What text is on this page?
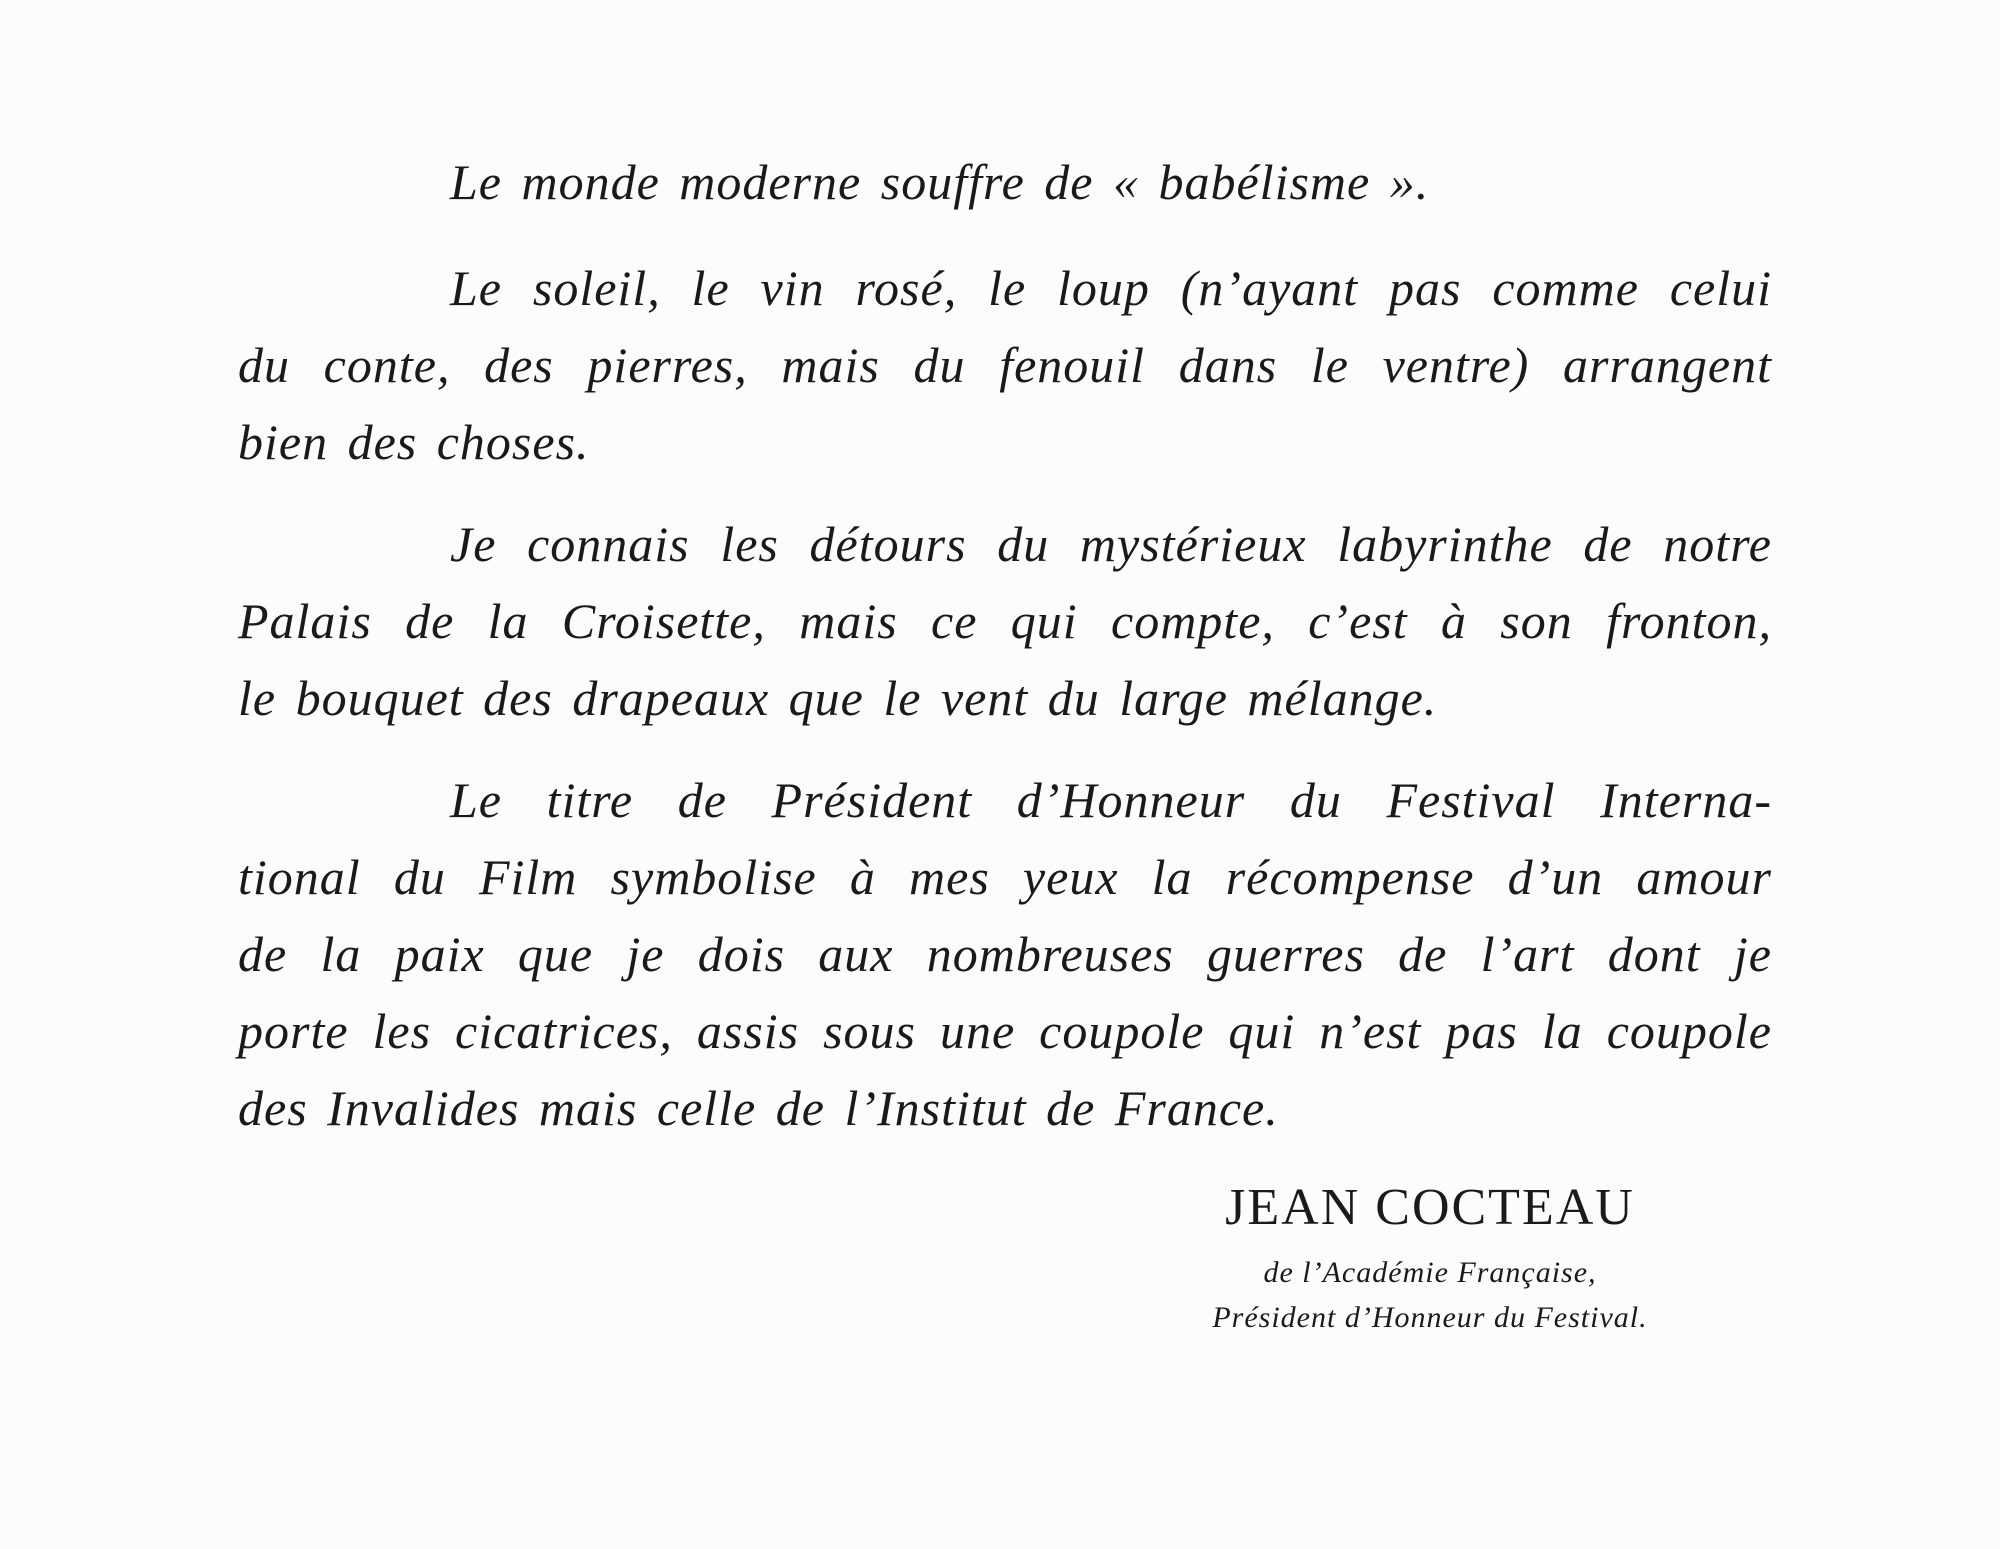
Le monde moderne souffre de « babélisme ».
Le soleil, le vin rosé, le loup (n’ayant pas comme celui
du conte, des pierres, mais du fenouil dans le ventre) arrangent
bien des choses.
Je connais les détours du mystérieux labyrinthe de notre
Palais de la Croisette, mais ce qui compte, c’est à son fronton,
le bouquet des drapeaux que le vent du large mélange.
Le titre de Président d’Honneur du Festival Interna-
tional du Film symbolise à mes yeux la récompense d’un amour
de la paix que je dois aux nombreuses guerres de l’art dont je
porte les cicatrices, assis sous une coupole qui n’est pas la coupole
des Invalides mais celle de l’Institut de France.
JEAN COCTEAU
de l’Académie Française,
Président d’Honneur du Festival.
